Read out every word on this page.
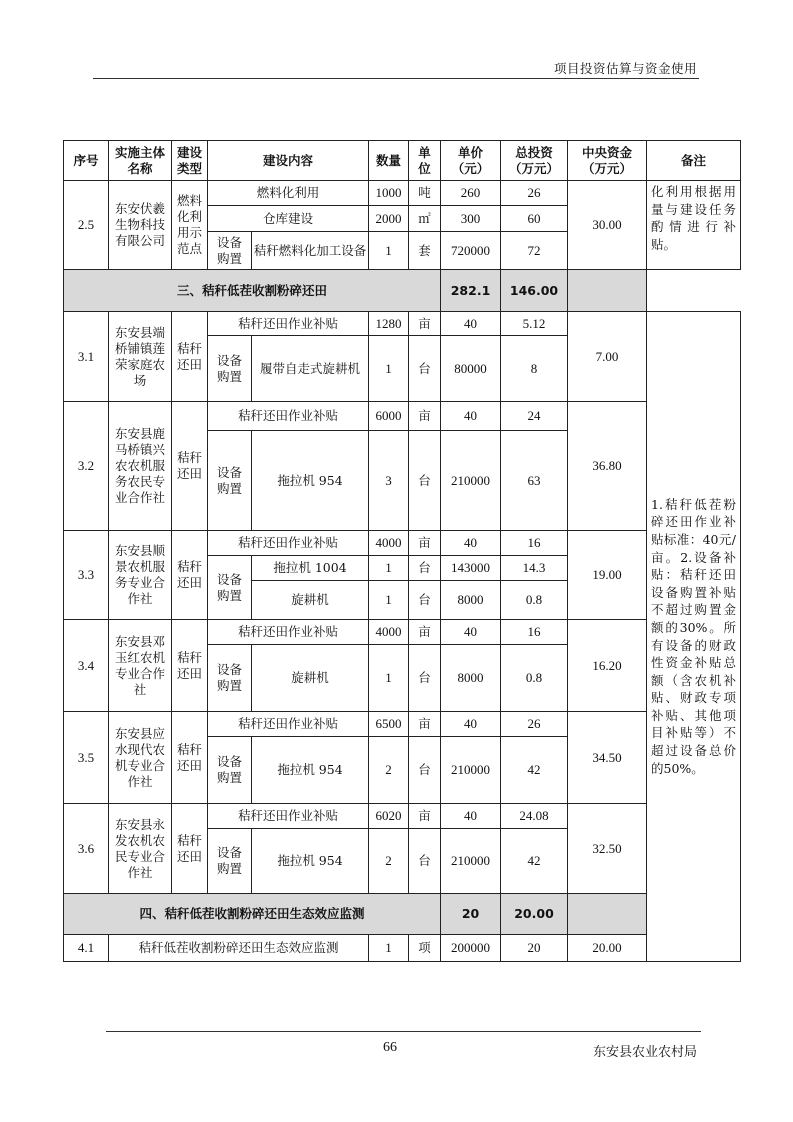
项目投资估算与资金使用
序号	实施主体名称	建设类型	建设内容		数量	单位	单价（元）	总投资（万元）	中央资金（万元）	备注	
2.5	东安伏羲生物科技有限公司	燃料化利用示范点	燃料化利用		1000	吨	260	26	30.00	化利用根据用量与建设任务酌情进行补贴。	
			仓库建设		2000	㎡	300	60			

			设备购置	秸秆燃料化加工设备	1	套	720000	72			
三、秸秆低茬收割粉碎还田							282.1	146.00			
3.1	东安县端桥铺镇莲荣家庭农场	秸秆还田	秸秆还田作业补贴		1280	亩	40	5.12	7.00	1.秸秆低茬粉碎还田作业补贴标准：40元/亩。2.设备补贴：秸秆还田设备购置补贴不超过购置金额的30%。所有设备的财政性资金补贴总额（含农机补贴、财政专项补贴、其他项目补贴等）不超过设备总价的50%。	

			设备购置	履带自走式旋耕机	1	台	80000	8			
3.2	东安县鹿马桥镇兴农农机服务农民专业合作社	秸秆还田	秸秆还田作业补贴		6000	亩	40	24	36.80		

			设备购置	拖拉机 954	3	台	210000	63			
3.3	东安县顺景农机服务专业合作社	秸秆还田	秸秆还田作业补贴		4000	亩	40	16	19.00		

			设备购置	拖拉机 1004	1	台	143000	14.3			
				旋耕机	1	台	8000	0.8			
3.4	东安县邓玉红农机专业合作社	秸秆还田	秸秆还田作业补贴		4000	亩	40	16	16.20		

			设备购置	旋耕机	1	台	8000	0.8			
3.5	东安县应水现代农机专业合作社	秸秆还田	秸秆还田作业补贴		6500	亩	40	26	34.50		

			设备购置	拖拉机 954	2	台	210000	42			
3.6	东安县永发农机农民专业合作社	秸秆还田	秸秆还田作业补贴		6020	亩	40	24.08	32.50		

			设备购置	拖拉机 954	2	台	210000	42			
四、秸秆低茬收割粉碎还田生态效应监测							20	20.00			
4.1	秸秆低茬收割粉碎还田生态效应监测				1	项	200000	20	20.00		
66	东安县农业农村局
